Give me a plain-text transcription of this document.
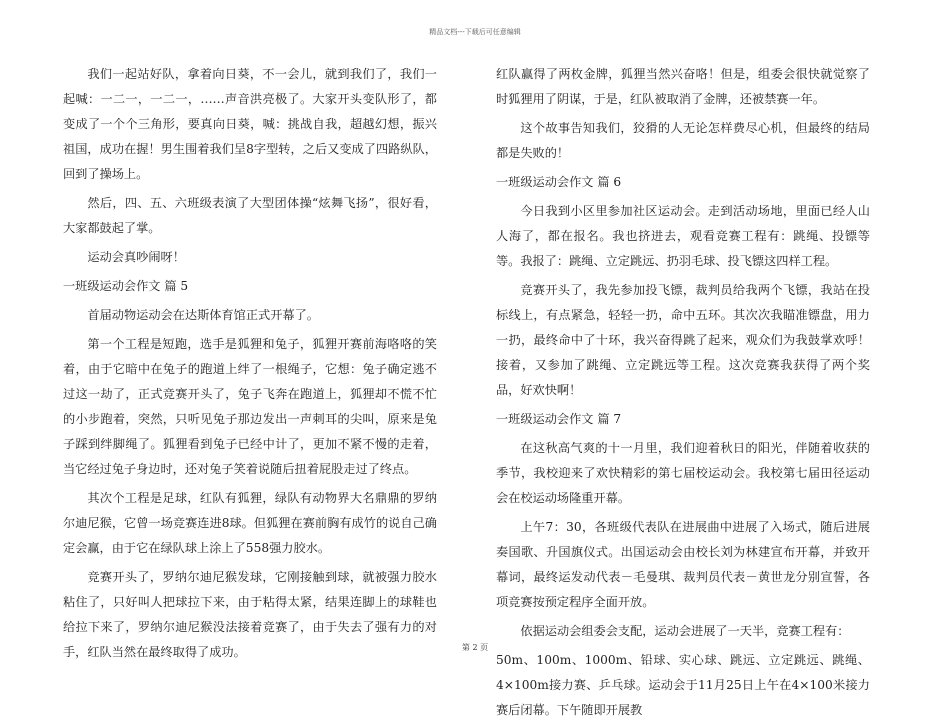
精品文档---下载后可任意编辑

我们一起站好队，拿着向日葵，不一会儿，就到我们了，我们一起喊：一二一，一二一，……声音洪亮极了。大家开头变队形了，都变成了一个个三角形，要真向日葵，喊：挑战自我，超越幻想，振兴祖国，成功在握！男生围着我们呈8字型转，之后又变成了四路纵队，回到了操场上。

然后，四、五、六班级表演了大型团体操“炫舞飞扬”，很好看，大家都鼓起了掌。

运动会真吵闹呀！

一班级运动会作文 篇 5

首届动物运动会在达斯体育馆正式开幕了。

第一个工程是短跑，选手是狐狸和兔子，狐狸开赛前海咯咯的笑着，由于它暗中在兔子的跑道上绊了一根绳子，它想：兔子确定逃不过这一劫了，正式竞赛开头了，兔子飞奔在跑道上，狐狸却不慌不忙的小步跑着，突然，只听见兔子那边发出一声刺耳的尖叫，原来是兔子踩到绊脚绳了。狐狸看到兔子已经中计了，更加不紧不慢的走着，当它经过兔子身边时，还对兔子笑着说随后扭着屁股走过了终点。

其次个工程是足球，红队有狐狸，绿队有动物界大名鼎鼎的罗纳尔迪尼猴，它曾一场竞赛连进8球。但狐狸在赛前胸有成竹的说自己确定会赢，由于它在绿队球上涂上了558强力胶水。

竞赛开头了，罗纳尔迪尼猴发球，它刚接触到球，就被强力胶水粘住了，只好叫人把球拉下来，由于粘得太紧，结果连脚上的球鞋也给拉下来了，罗纳尔迪尼猴没法接着竞赛了，由于失去了强有力的对手，红队当然在最终取得了成功。

红队赢得了两枚金牌，狐狸当然兴奋咯！但是，组委会很快就觉察了时狐狸用了阴谋，于是，红队被取消了金牌，还被禁赛一年。

这个故事告知我们，狡猾的人无论怎样费尽心机，但最终的结局都是失败的！

一班级运动会作文 篇 6

今日我到小区里参加社区运动会。走到活动场地，里面已经人山人海了，都在报名。我也挤进去，观看竞赛工程有：跳绳、投镖等等。我报了：跳绳、立定跳远、扔羽毛球、投飞镖这四样工程。

竞赛开头了，我先参加投飞镖，裁判员给我两个飞镖，我站在投标线上，有点紧急，轻轻一扔，命中五环。其次次我瞄准镖盘，用力一扔，最终命中了十环，我兴奋得跳了起来，观众们为我鼓掌欢呼！接着，又参加了跳绳、立定跳远等工程。这次竞赛我获得了两个奖品，好欢快啊！

一班级运动会作文 篇 7

在这秋高气爽的十一月里，我们迎着秋日的阳光，伴随着收获的季节，我校迎来了欢快精彩的第七届校运动会。我校第七届田径运动会在校运动场隆重开幕。

上午7：30，各班级代表队在进展曲中进展了入场式，随后进展奏国歌、升国旗仪式。出国运动会由校长刘为林建宣布开幕，并致开幕词，最终运发动代表－毛曼琪、裁判员代表－黄世龙分别宣誓，各项竞赛按预定程序全面开放。

依据运动会组委会支配，运动会进展了一天半，竞赛工程有：

50m、100m、1000m、铅球、实心球、跳远、立定跳远、跳绳、4×100m接力赛、乒乓球。运动会于11月25日上午在4×100米接力赛后闭幕。下午随即开展教

第 2 页
